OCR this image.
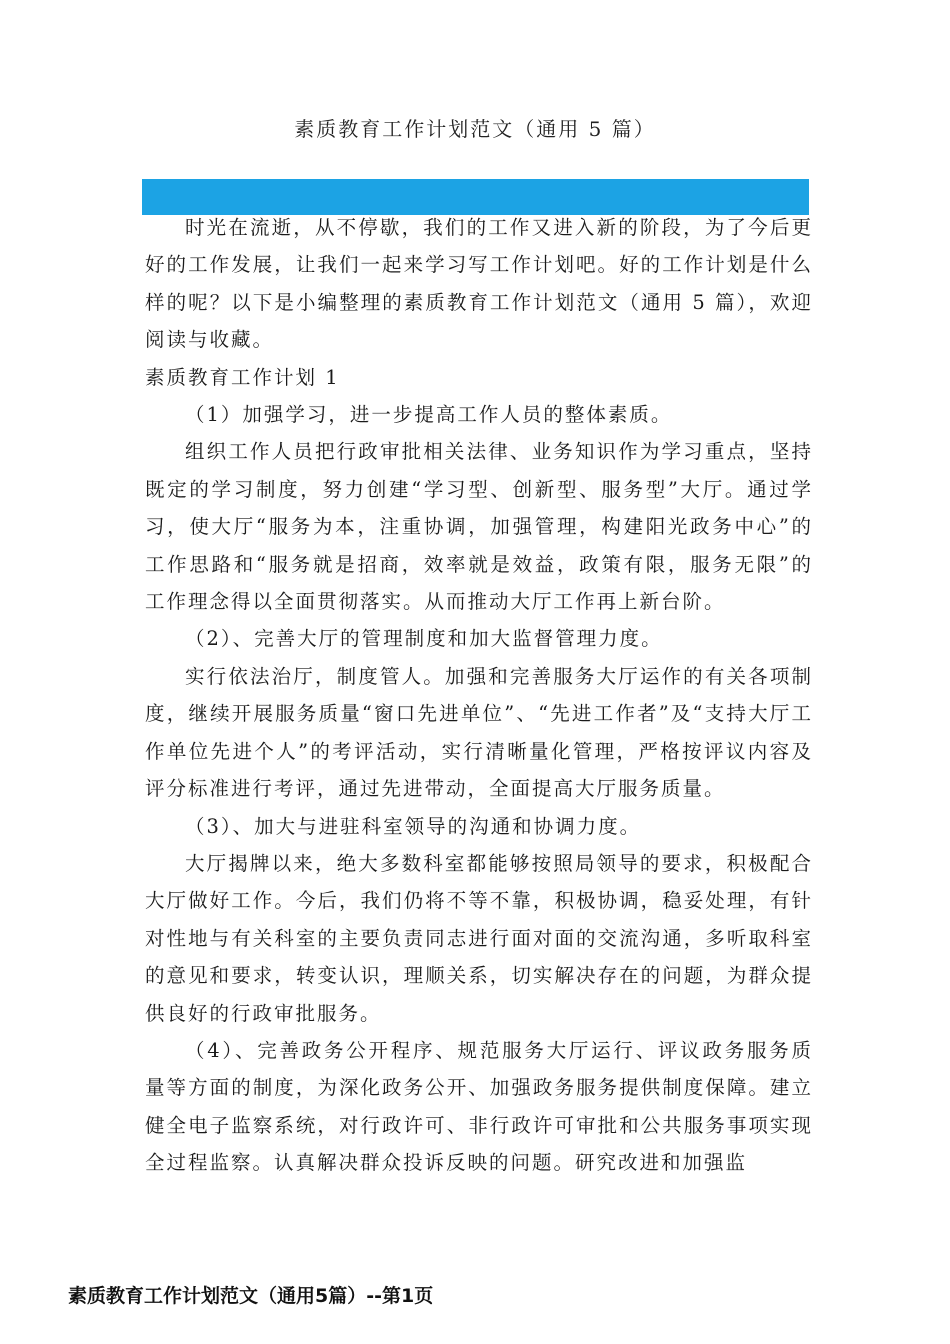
素质教育工作计划范文（通用 5 篇）

时光在流逝，从不停歇，我们的工作又进入新的阶段，为了今后更好的工作发展，让我们一起来学习写工作计划吧。好的工作计划是什么样的呢？以下是小编整理的素质教育工作计划范文（通用 5 篇），欢迎阅读与收藏。

素质教育工作计划 1

（1）加强学习，进一步提高工作人员的整体素质。

组织工作人员把行政审批相关法律、业务知识作为学习重点，坚持既定的学习制度，努力创建“学习型、创新型、服务型”大厅。通过学习，使大厅“服务为本，注重协调，加强管理，构建阳光政务中心”的工作思路和“服务就是招商，效率就是效益，政策有限，服务无限”的工作理念得以全面贯彻落实。从而推动大厅工作再上新台阶。

（2）、完善大厅的管理制度和加大监督管理力度。

实行依法治厅，制度管人。加强和完善服务大厅运作的有关各项制度，继续开展服务质量“窗口先进单位”、“先进工作者”及“支持大厅工作单位先进个人”的考评活动，实行清晰量化管理，严格按评议内容及评分标准进行考评，通过先进带动，全面提高大厅服务质量。

（3）、加大与进驻科室领导的沟通和协调力度。

大厅揭牌以来，绝大多数科室都能够按照局领导的要求，积极配合大厅做好工作。今后，我们仍将不等不靠，积极协调，稳妥处理，有针对性地与有关科室的主要负责同志进行面对面的交流沟通，多听取科室的意见和要求，转变认识，理顺关系，切实解决存在的问题，为群众提供良好的行政审批服务。

（4）、完善政务公开程序、规范服务大厅运行、评议政务服务质量等方面的制度，为深化政务公开、加强政务服务提供制度保障。建立健全电子监察系统，对行政许可、非行政许可审批和公共服务事项实现全过程监察。认真解决群众投诉反映的问题。研究改进和加强监

素质教育工作计划范文（通用5篇）--第1页
